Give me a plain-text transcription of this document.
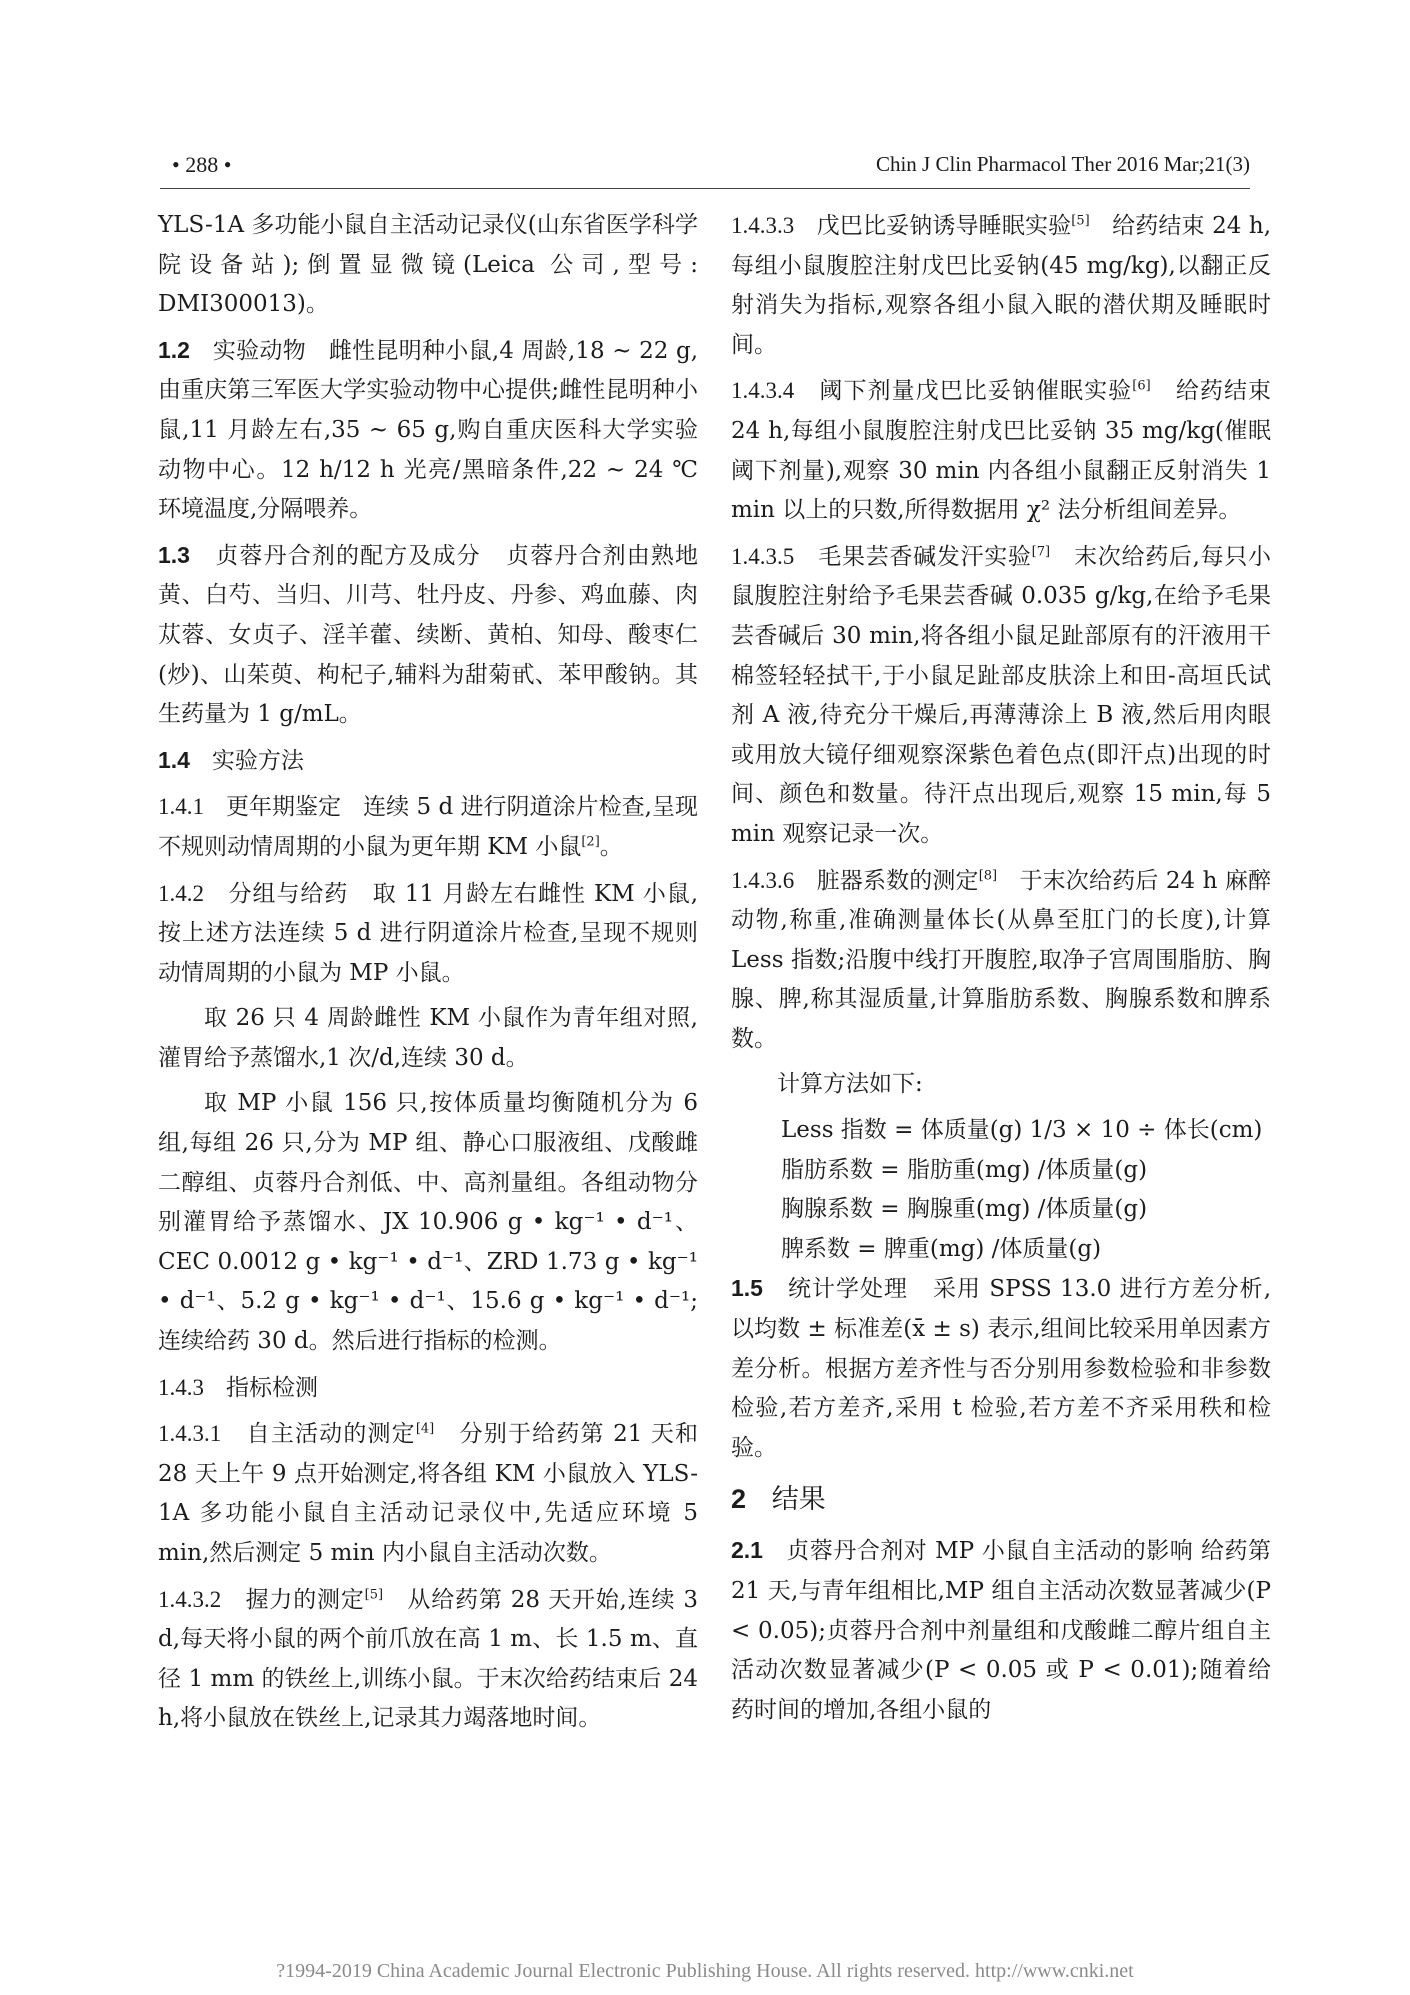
• 288 •	Chin J Clin Pharmacol Ther 2016 Mar;21(3)

YLS-1A 多功能小鼠自主活动记录仪(山东省医学科学院设备站);倒置显微镜(Leica 公司,型号: DMI300013)。

1.2 实验动物 雌性昆明种小鼠,4 周龄,18 ~ 22 g,由重庆第三军医大学实验动物中心提供;雌性昆明种小鼠,11 月龄左右,35 ~ 65 g,购自重庆医科大学实验动物中心。12 h/12 h 光亮/黑暗条件,22 ~ 24 ℃ 环境温度,分隔喂养。

1.3 贞蓉丹合剂的配方及成分 贞蓉丹合剂由熟地黄、白芍、当归、川芎、牡丹皮、丹参、鸡血藤、肉苁蓉、女贞子、淫羊藿、续断、黄柏、知母、酸枣仁(炒)、山茱萸、枸杞子,辅料为甜菊甙、苯甲酸钠。其生药量为 1 g/mL。

1.4 实验方法

1.4.1 更年期鉴定 连续 5 d 进行阴道涂片检查,呈现不规则动情周期的小鼠为更年期 KM 小鼠[2]。

1.4.2 分组与给药 取 11 月龄左右雌性 KM 小鼠,按上述方法连续 5 d 进行阴道涂片检查,呈现不规则动情周期的小鼠为 MP 小鼠。

取 26 只 4 周龄雌性 KM 小鼠作为青年组对照,灌胃给予蒸馏水,1 次/d,连续 30 d。

取 MP 小鼠 156 只,按体质量均衡随机分为 6 组,每组 26 只,分为 MP 组、静心口服液组、戊酸雌二醇组、贞蓉丹合剂低、中、高剂量组。各组动物分别灌胃给予蒸馏水、JX 10.906 g • kg⁻¹ • d⁻¹、CEC 0.0012 g • kg⁻¹ • d⁻¹、ZRD 1.73 g • kg⁻¹ • d⁻¹、5.2 g • kg⁻¹ • d⁻¹、15.6 g • kg⁻¹ • d⁻¹;连续给药 30 d。然后进行指标的检测。

1.4.3 指标检测

1.4.3.1 自主活动的测定[4] 分别于给药第 21 天和 28 天上午 9 点开始测定,将各组 KM 小鼠放入 YLS-1A 多功能小鼠自主活动记录仪中,先适应环境 5 min,然后测定 5 min 内小鼠自主活动次数。

1.4.3.2 握力的测定[5] 从给药第 28 天开始,连续 3 d,每天将小鼠的两个前爪放在高 1 m、长 1.5 m、直径 1 mm 的铁丝上,训练小鼠。于末次给药结束后 24 h,将小鼠放在铁丝上,记录其力竭落地时间。

1.4.3.3 戊巴比妥钠诱导睡眠实验[5] 给药结束 24 h,每组小鼠腹腔注射戊巴比妥钠(45 mg/kg),以翻正反射消失为指标,观察各组小鼠入眠的潜伏期及睡眠时间。

1.4.3.4 阈下剂量戊巴比妥钠催眠实验[6] 给药结束 24 h,每组小鼠腹腔注射戊巴比妥钠 35 mg/kg(催眠阈下剂量),观察 30 min 内各组小鼠翻正反射消失 1 min 以上的只数,所得数据用 χ² 法分析组间差异。

1.4.3.5 毛果芸香碱发汗实验[7] 末次给药后,每只小鼠腹腔注射给予毛果芸香碱 0.035 g/kg,在给予毛果芸香碱后 30 min,将各组小鼠足趾部原有的汗液用干棉签轻轻拭干,于小鼠足趾部皮肤涂上和田-高垣氏试剂 A 液,待充分干燥后,再薄薄涂上 B 液,然后用肉眼或用放大镜仔细观察深紫色着色点(即汗点)出现的时间、颜色和数量。待汗点出现后,观察 15 min,每 5 min 观察记录一次。

1.4.3.6 脏器系数的测定[8] 于末次给药后 24 h 麻醉动物,称重,准确测量体长(从鼻至肛门的长度),计算 Less 指数;沿腹中线打开腹腔,取净子宫周围脂肪、胸腺、脾,称其湿质量,计算脂肪系数、胸腺系数和脾系数。

计算方法如下:

Less 指数 = 体质量(g) 1/3 × 10 ÷ 体长(cm)

脂肪系数 = 脂肪重(mg) /体质量(g)

胸腺系数 = 胸腺重(mg) /体质量(g)

脾系数 = 脾重(mg) /体质量(g)

1.5 统计学处理 采用 SPSS 13.0 进行方差分析,以均数 ± 标准差(x̄ ± s) 表示,组间比较采用单因素方差分析。根据方差齐性与否分别用参数检验和非参数检验,若方差齐,采用 t 检验,若方差不齐采用秩和检验。

2 结果

2.1 贞蓉丹合剂对 MP 小鼠自主活动的影响 给药第 21 天,与青年组相比,MP 组自主活动次数显著减少(P < 0.05);贞蓉丹合剂中剂量组和戊酸雌二醇片组自主活动次数显著减少(P < 0.05 或 P < 0.01);随着给药时间的增加,各组小鼠的

?1994-2019 China Academic Journal Electronic Publishing House. All rights reserved. http://www.cnki.net
